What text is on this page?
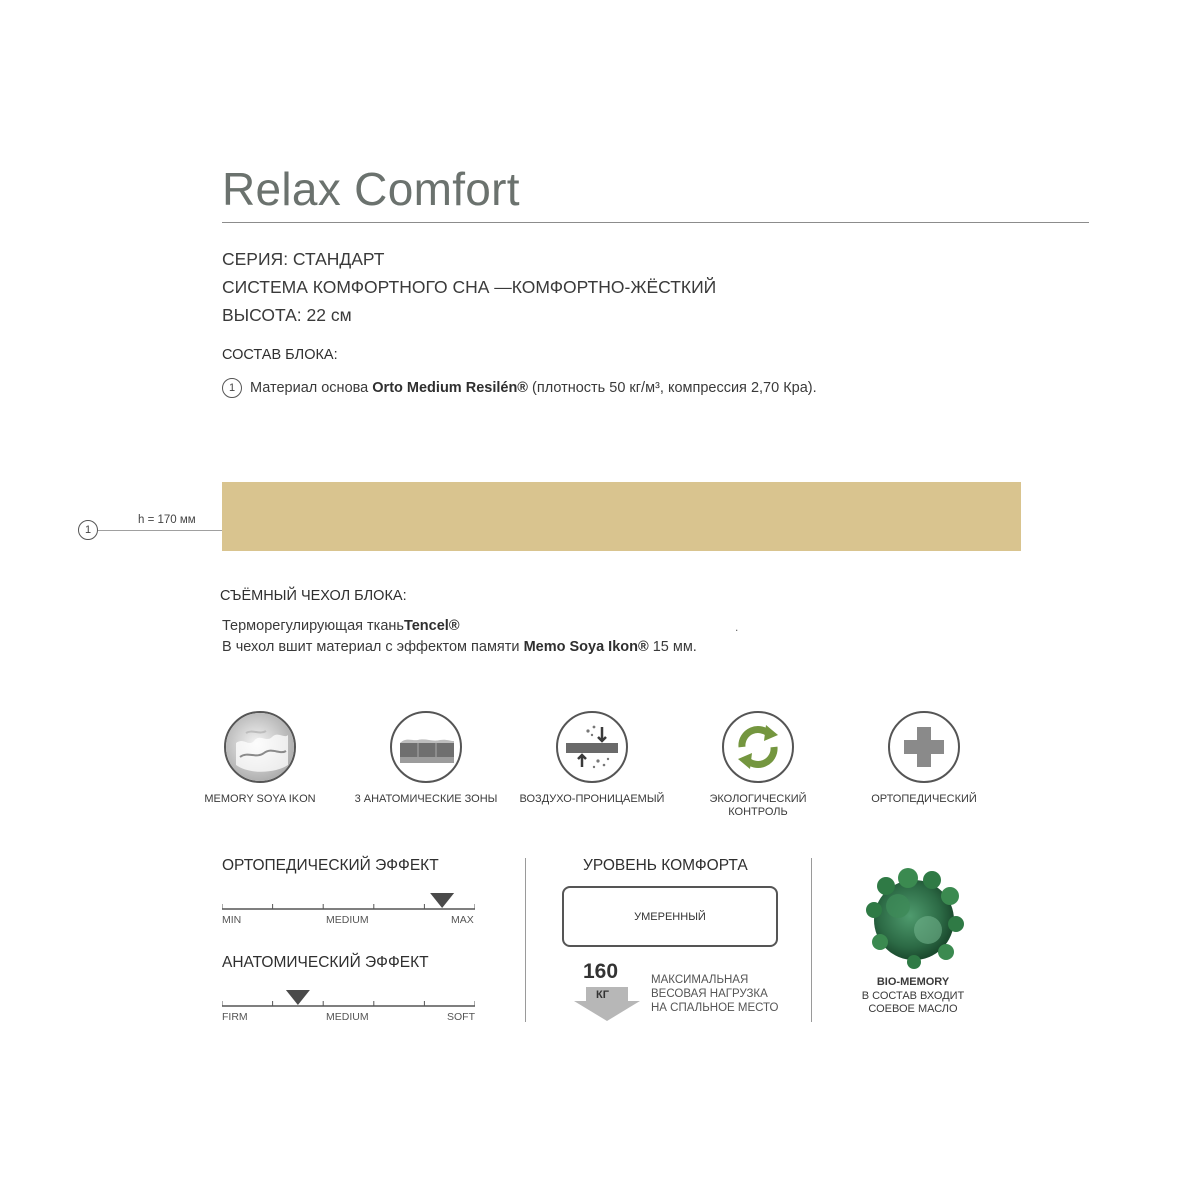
Relax Comfort
СЕРИЯ: СТАНДАРТ
СИСТЕМА КОМФОРТНОГО СНА —КОМФОРТНО-ЖЁСТКИЙ
ВЫСОТА: 22 см
СОСТАВ БЛОКА:
1	Материал основа Orto Medium Resilén® (плотность 50 кг/м³, компрессия 2,70 Кра).
1
h = 170 мм
СЪЁМНЫЙ ЧЕХОЛ БЛОКА:
Терморегулирующая тканьTencel®	.
В чехол вшит материал с эффектом памяти Memo Soya Ikon® 15 мм.
MEMORY SOYA IKON	3 АНАТОМИЧЕСКИЕ ЗОНЫ	ВОЗДУХО-ПРОНИЦАЕМЫЙ	ЭКОЛОГИЧЕСКИЙ КОНТРОЛЬ
ОРТОПЕДИЧЕСКИЙ
ОРТОПЕДИЧЕСКИЙ ЭФФЕКТ
MIN	MEDIUM	MAX
АНАТОМИЧЕСКИЙ ЭФФЕКТ
FIRM	MEDIUM	SOFT
УРОВЕНЬ КОМФОРТА
УМЕРЕННЫЙ
160
КГ
МАКСИМАЛЬНАЯ
ВЕСОВАЯ НАГРУЗКА
НА СПАЛЬНОЕ МЕСТО
BIO-MEMORY
В СОСТАВ ВХОДИТ
СОЕВОЕ МАСЛО
